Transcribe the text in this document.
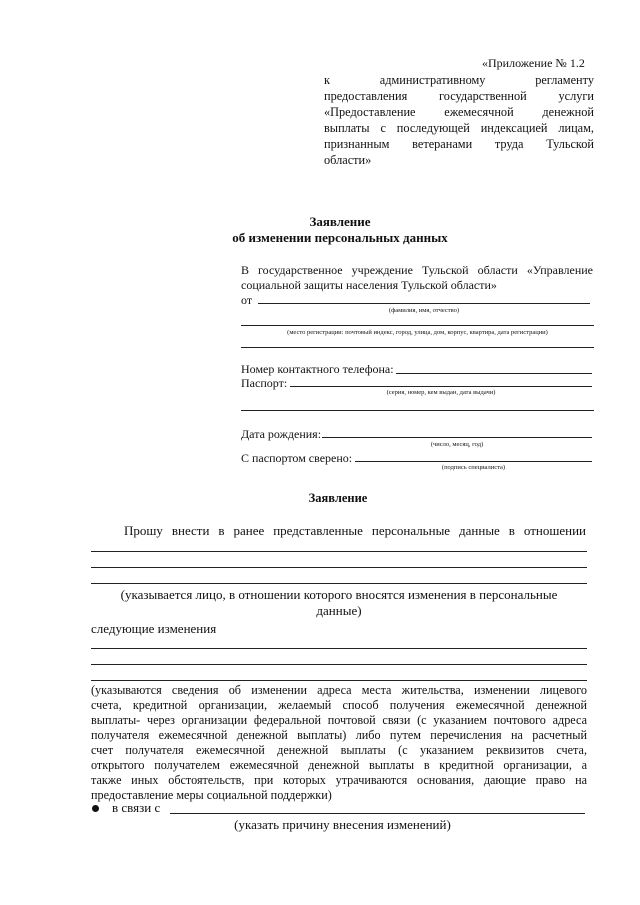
«Приложение № 1.2
к административному регламенту
предоставления государственной услуги
«Предоставление ежемесячной денежной
выплаты с последующей индексацией лицам,
признанным ветеранами труда Тульской
области»
Заявление
об изменении персональных данных
В государственное учреждение Тульской области «Управление
социальной защиты населения Тульской области»
от
(фамилия, имя, отчество)
(место регистрации: почтовый индекс, город, улица, дом, корпус, квартира, дата регистрации)
Номер контактного телефона:
Паспорт:
(серия, номер, кем выдан, дата выдачи)
Дата рождения:
(число, месяц, год)
С паспортом сверено:
(подпись специалиста)
Заявление
Прошу внести в ранее представленные персональные данные в отношении
(указывается лицо, в отношении которого вносятся изменения в персональные
данные)
следующие изменения
(указываются сведения об изменении адреса места жительства, изменении лицевого
счета, кредитной организации, желаемый способ получения ежемесячной денежной
выплаты- через организации федеральной почтовой связи (с указанием почтового адреса
получателя ежемесячной денежной выплаты) либо путем перечисления на расчетный
счет получателя ежемесячной денежной выплаты (с указанием реквизитов счета,
открытого получателем ежемесячной денежной выплаты в кредитной организации, а
также иных обстоятельств, при которых утрачиваются основания, дающие право на
предоставление меры социальной поддержки)
в связи с
(указать причину внесения изменений)
